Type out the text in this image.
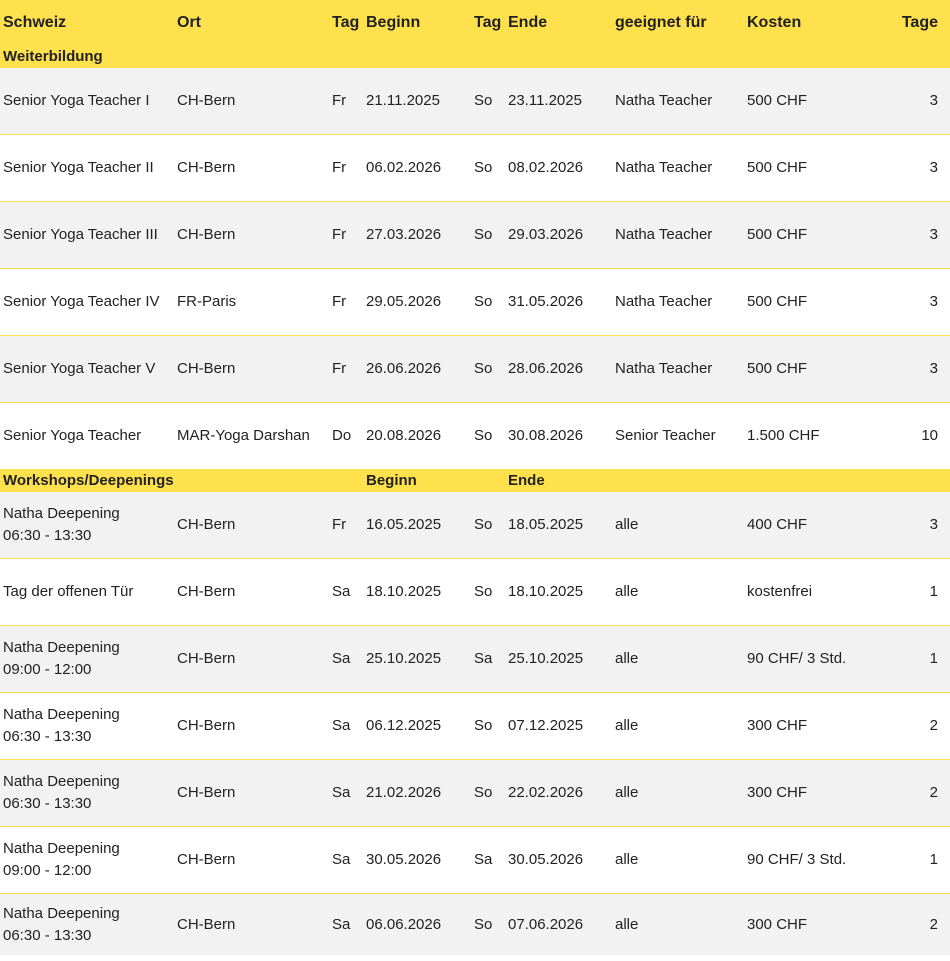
Schweiz	Ort	Tag	Beginn	Tag	Ende	geeignet für	Kosten	Tage
Weiterbildung								

Senior Yoga Teacher I	CH-Bern	Fr	21.11.2025	So	23.11.2025	Natha Teacher	500 CHF	3

Senior Yoga Teacher II	CH-Bern	Fr	06.02.2026	So	08.02.2026	Natha Teacher	500 CHF	3

Senior Yoga Teacher III	CH-Bern	Fr	27.03.2026	So	29.03.2026	Natha Teacher	500 CHF	3

Senior Yoga Teacher IV	FR-Paris	Fr	29.05.2026	So	31.05.2026	Natha Teacher	500 CHF	3

Senior Yoga Teacher V	CH-Bern	Fr	26.06.2026	So	28.06.2026	Natha Teacher	500 CHF	3

Senior Yoga Teacher	MAR-Yoga Darshan	Do	20.08.2026	So	30.08.2026	Senior Teacher	1.500 CHF	10
Workshops/Deepenings			Beginn		Ende			

Natha Deepening
06:30 - 13:30	CH-Bern	Fr	16.05.2025	So	18.05.2025	alle	400 CHF	3

Tag der offenen Tür	CH-Bern	Sa	18.10.2025	So	18.10.2025	alle	kostenfrei	1

Natha Deepening
09:00 - 12:00	CH-Bern	Sa	25.10.2025	Sa	25.10.2025	alle	90 CHF/ 3 Std.	1

Natha Deepening
06:30 - 13:30	CH-Bern	Sa	06.12.2025	So	07.12.2025	alle	300 CHF	2

Natha Deepening
06:30 - 13:30	CH-Bern	Sa	21.02.2026	So	22.02.2026	alle	300 CHF	2

Natha Deepening
09:00 - 12:00	CH-Bern	Sa	30.05.2026	Sa	30.05.2026	alle	90 CHF/ 3 Std.	1

Natha Deepening
06:30 - 13:30	CH-Bern	Sa	06.06.2026	So	07.06.2026	alle	300 CHF	2
